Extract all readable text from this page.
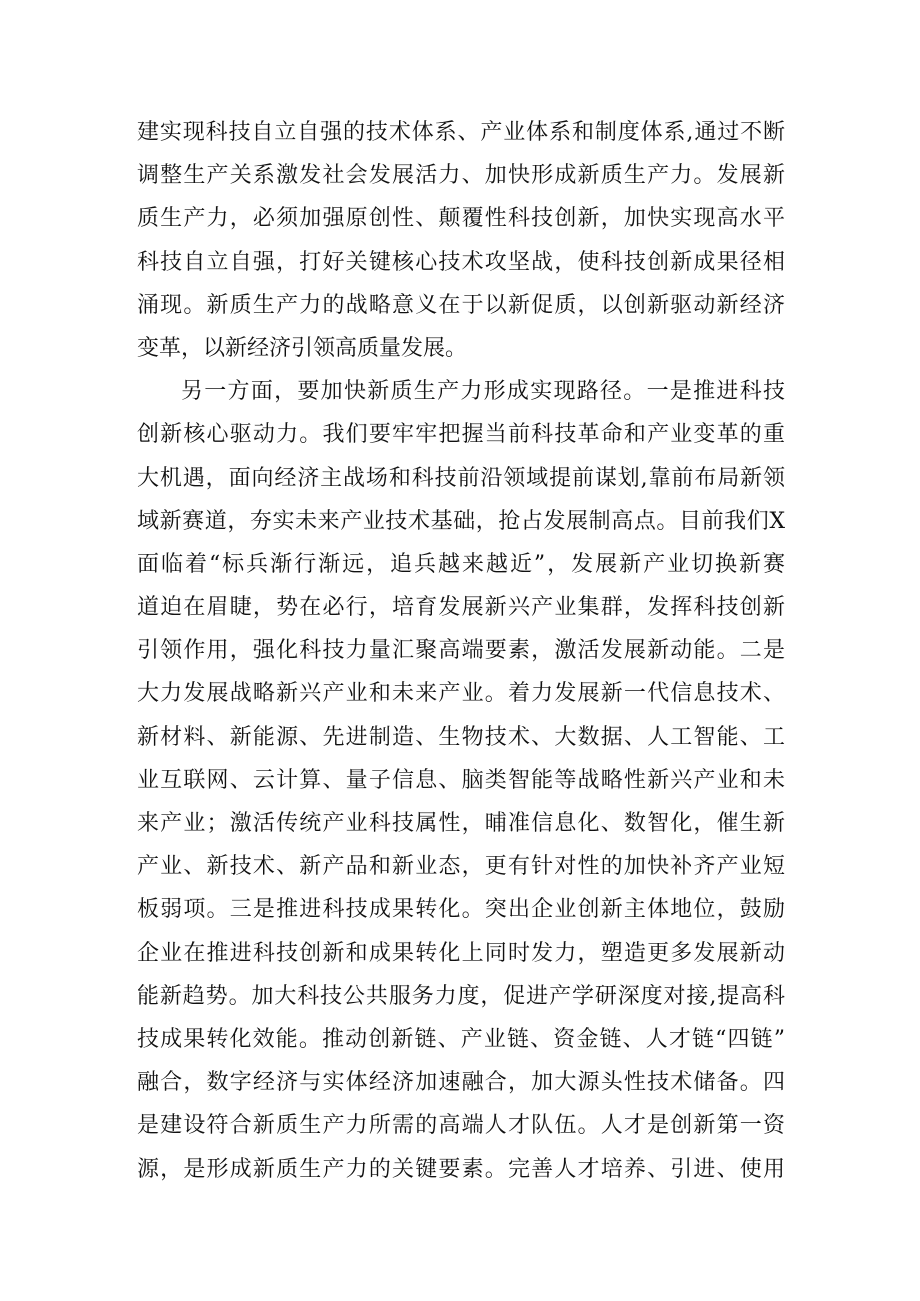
建实现科技自立自强的技术体系、产业体系和制度体系,通过不断
调整生产关系激发社会发展活力、加快形成新质生产力。发展新
质生产力，必须加强原创性、颠覆性科技创新，加快实现高水平
科技自立自强，打好关键核心技术攻坚战，使科技创新成果径相
涌现。新质生产力的战略意义在于以新促质，以创新驱动新经济
变革，以新经济引领高质量发展。
另一方面，要加快新质生产力形成实现路径。一是推进科技
创新核心驱动力。我们要牢牢把握当前科技革命和产业变革的重
大机遇，面向经济主战场和科技前沿领域提前谋划,靠前布局新领
域新赛道，夯实未来产业技术基础，抢占发展制高点。目前我们X
面临着“标兵渐行渐远，追兵越来越近”，发展新产业切换新赛
道迫在眉睫，势在必行，培育发展新兴产业集群，发挥科技创新
引领作用，强化科技力量汇聚高端要素，激活发展新动能。二是
大力发展战略新兴产业和未来产业。着力发展新一代信息技术、
新材料、新能源、先进制造、生物技术、大数据、人工智能、工
业互联网、云计算、量子信息、脑类智能等战略性新兴产业和未
来产业；激活传统产业科技属性，晡准信息化、数智化，催生新
产业、新技术、新产品和新业态，更有针对性的加快补齐产业短
板弱项。三是推进科技成果转化。突出企业创新主体地位，鼓励
企业在推进科技创新和成果转化上同时发力，塑造更多发展新动
能新趋势。加大科技公共服务力度，促进产学研深度对接,提高科
技成果转化效能。推动创新链、产业链、资金链、人才链“四链”
融合，数字经济与实体经济加速融合，加大源头性技术储备。四
是建设符合新质生产力所需的高端人才队伍。人才是创新第一资
源，是形成新质生产力的关键要素。完善人才培养、引进、使用
